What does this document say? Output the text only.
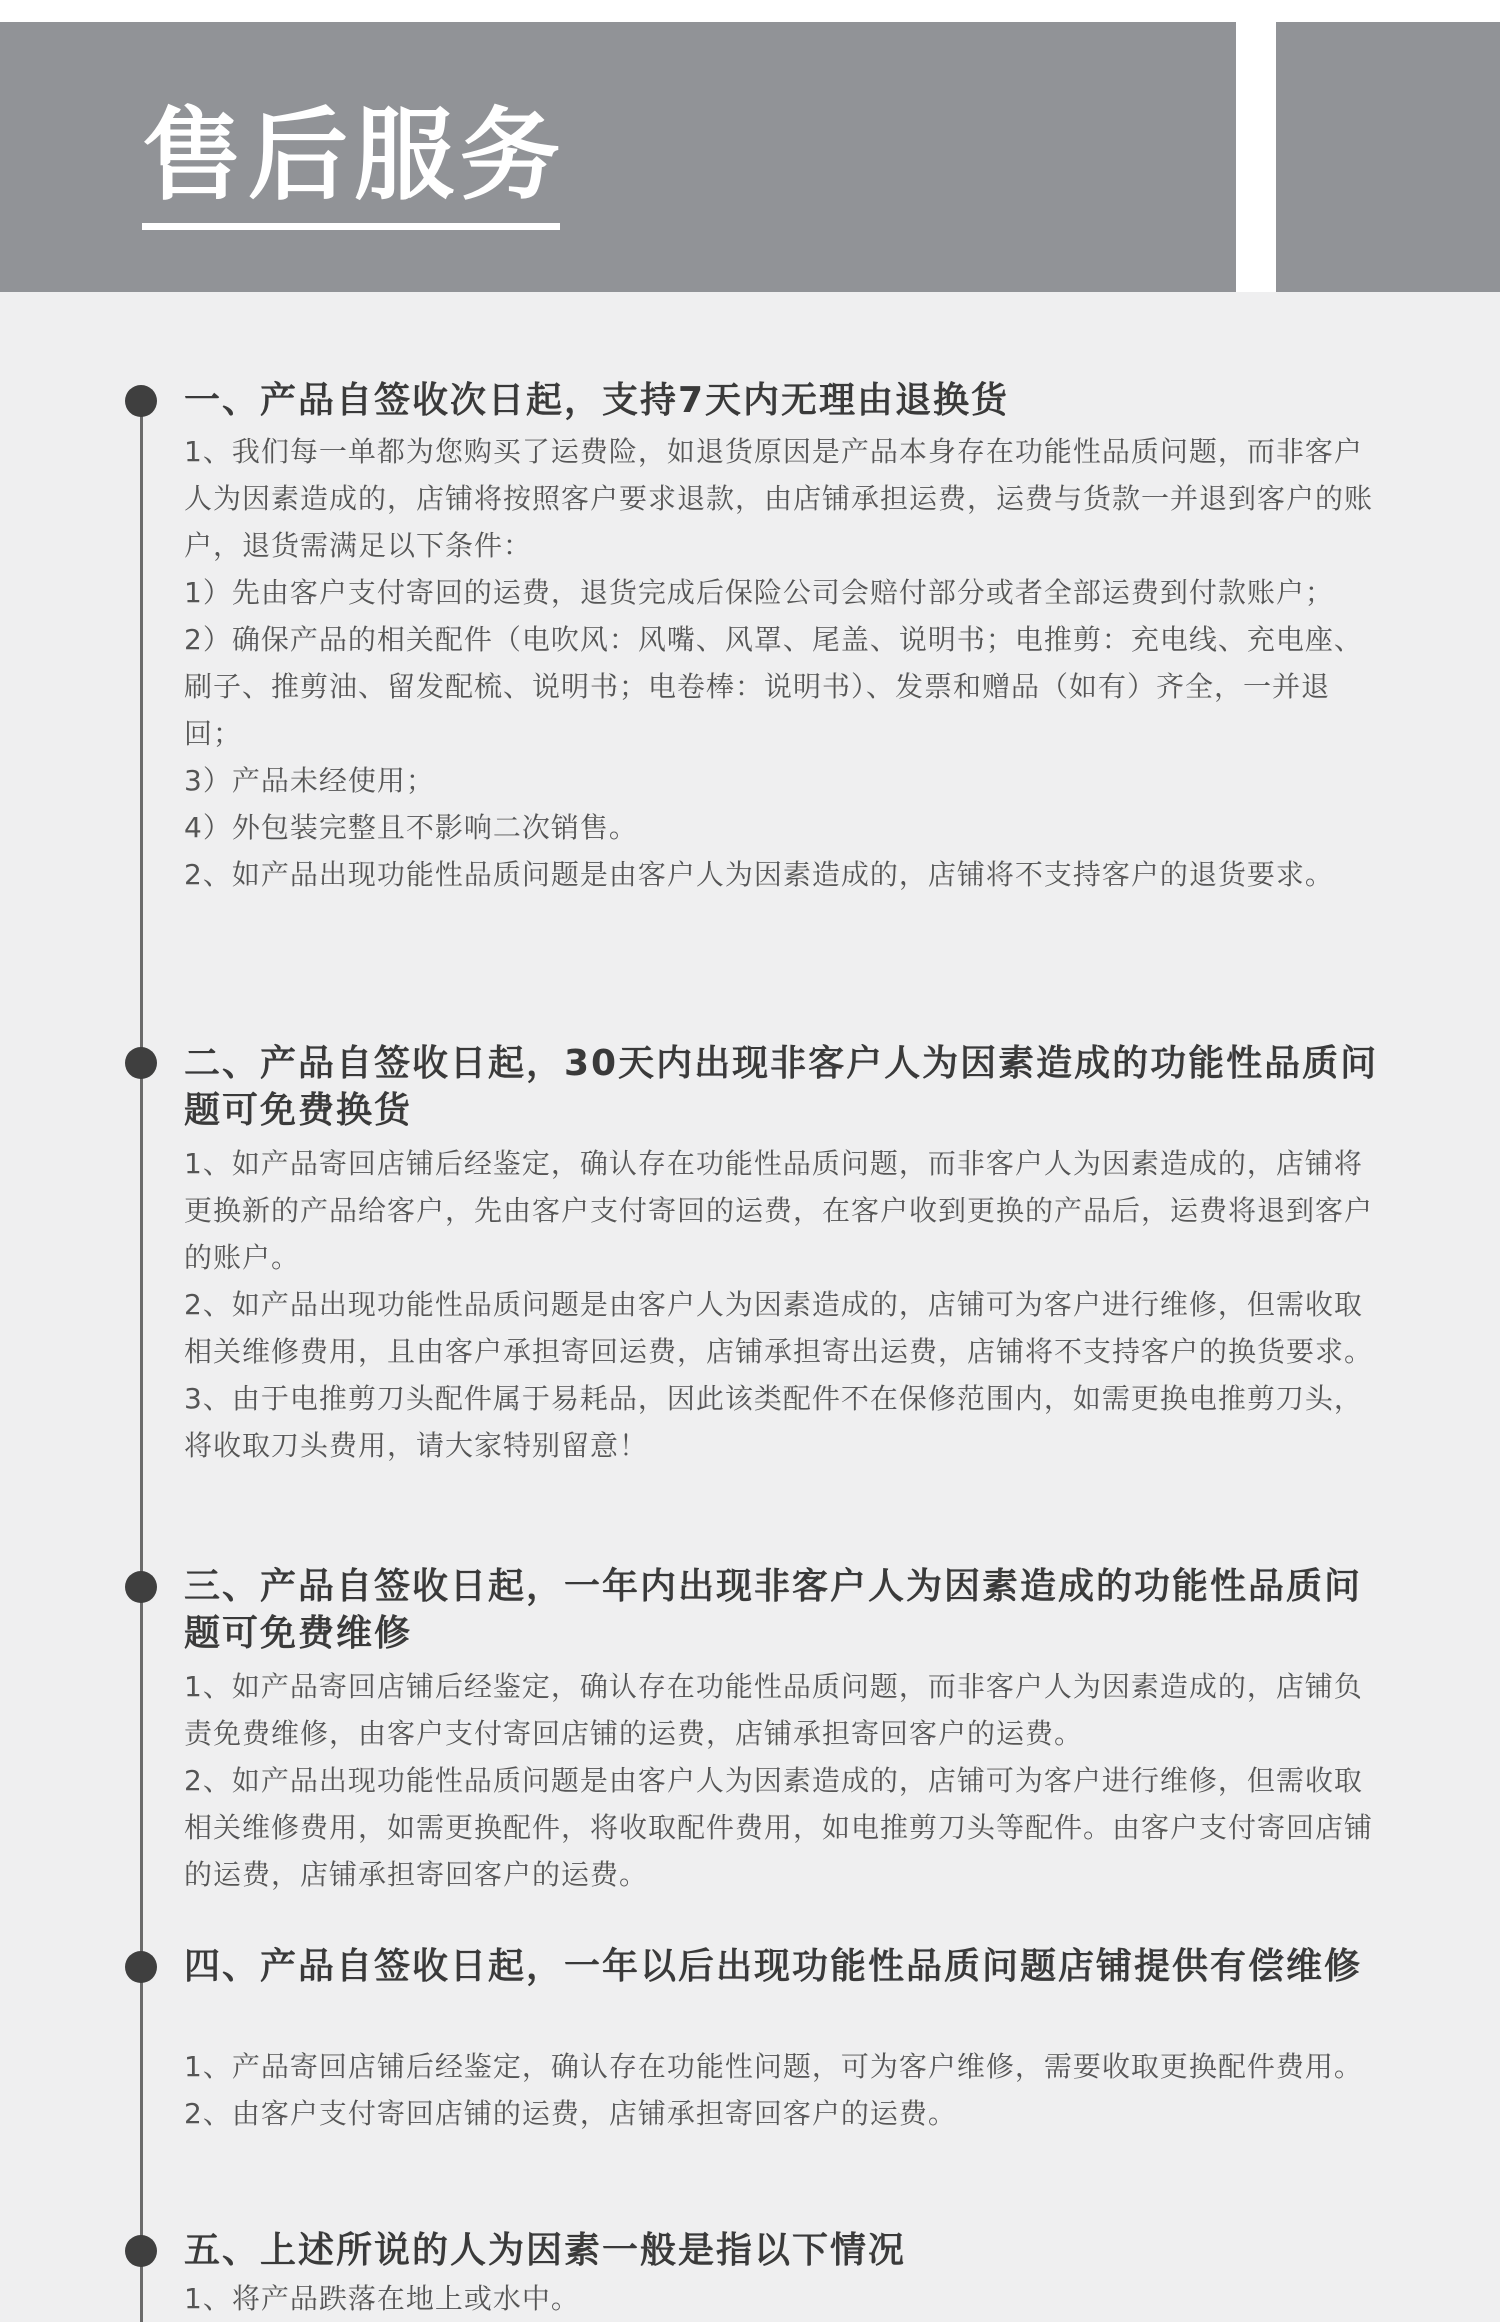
售后服务
一、产品自签收次日起，支持7天内无理由退换货

1、我们每一单都为您购买了运费险，如退货原因是产品本身存在功能性品质问题，而非客户人为因素造成的，店铺将按照客户要求退款，由店铺承担运费，运费与货款一并退到客户的账户，退货需满足以下条件：

1）先由客户支付寄回的运费，退货完成后保险公司会赔付部分或者全部运费到付款账户；

2）确保产品的相关配件（电吹风：风嘴、风罩、尾盖、说明书；电推剪：充电线、充电座、刷子、推剪油、留发配梳、说明书；电卷棒：说明书）、发票和赠品（如有）齐全，一并退回；

3）产品未经使用；

4）外包装完整且不影响二次销售。

2、如产品出现功能性品质问题是由客户人为因素造成的，店铺将不支持客户的退货要求。

二、产品自签收日起，30天内出现非客户人为因素造成的功能性品质问题可免费换货

1、如产品寄回店铺后经鉴定，确认存在功能性品质问题，而非客户人为因素造成的，店铺将更换新的产品给客户，先由客户支付寄回的运费，在客户收到更换的产品后，运费将退到客户的账户。

2、如产品出现功能性品质问题是由客户人为因素造成的，店铺可为客户进行维修，但需收取相关维修费用，且由客户承担寄回运费，店铺承担寄出运费，店铺将不支持客户的换货要求。

3、由于电推剪刀头配件属于易耗品，因此该类配件不在保修范围内，如需更换电推剪刀头，将收取刀头费用，请大家特别留意！

三、产品自签收日起，一年内出现非客户人为因素造成的功能性品质问题可免费维修

1、如产品寄回店铺后经鉴定，确认存在功能性品质问题，而非客户人为因素造成的，店铺负责免费维修，由客户支付寄回店铺的运费，店铺承担寄回客户的运费。

2、如产品出现功能性品质问题是由客户人为因素造成的，店铺可为客户进行维修，但需收取相关维修费用，如需更换配件，将收取配件费用，如电推剪刀头等配件。由客户支付寄回店铺的运费，店铺承担寄回客户的运费。

四、产品自签收日起，一年以后出现功能性品质问题店铺提供有偿维修

1、产品寄回店铺后经鉴定，确认存在功能性问题，可为客户维修，需要收取更换配件费用。

2、由客户支付寄回店铺的运费，店铺承担寄回客户的运费。

五、上述所说的人为因素一般是指以下情况

1、将产品跌落在地上或水中。
